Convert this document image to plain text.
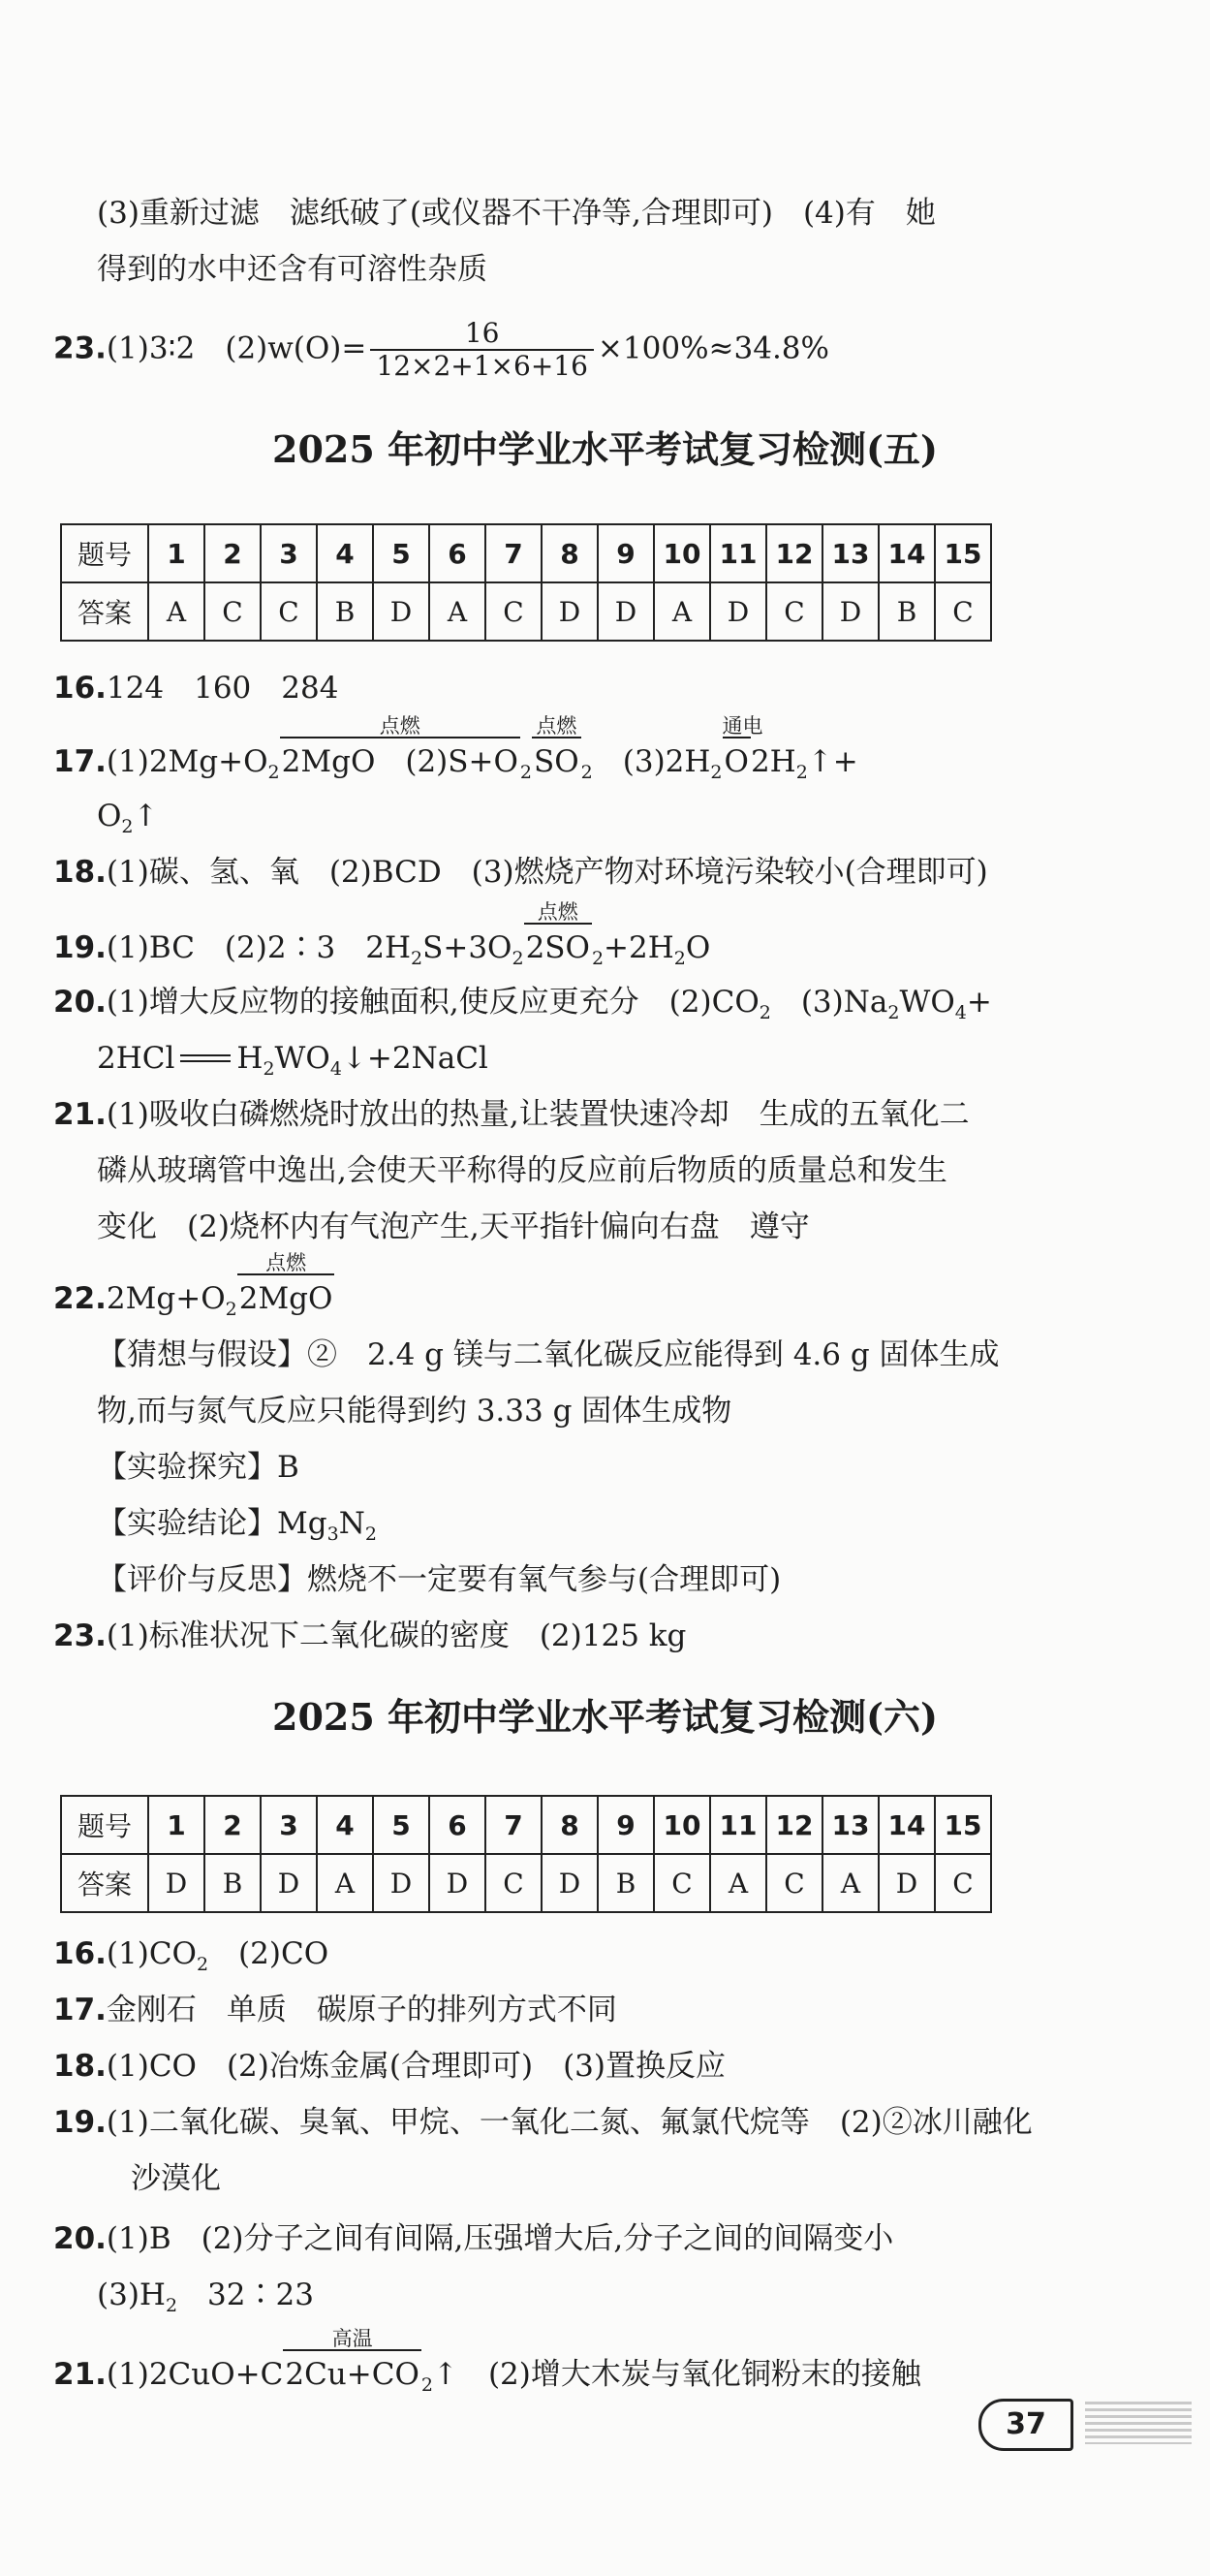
(3)重新过滤　滤纸破了(或仪器不干净等,合理即可)　(4)有　她
得到的水中还含有可溶性杂质
23.(1)3∶2　$(2)w(O)= \frac{16}{12\times 2+1\times 6+16} \times 100\%\approx 34.8\%$
2025 年初中学业水平考试复习检测(五)
题号	1	2	3	4	5	6	7	8	9	10	11	12	13	14	15
答案	A	C	C	B	D	A	C	D	D	A	D	C	D	B	C
16.124　160　284
$17.(1)2Mg+O_2$
点燃
2MgO　(2)S+O $_2$
点燃
SO $_2$　$(3)2H_2$
通电
$O2H_2↑+$
$O_2↑$
18.(1)碳、氢、氧　(2)BCD　(3)燃烧产物对环境污染较小(合理即可)
19.(1)BC　(2)2∶3　$2H_2S+3O_2$
点燃
2SO $_2+2H_2O$
20.(1)增大反应物的接触面积,使反应更充分　$(2)CO_2$　$(3)Na_2WO_4+$
2HCl $H_2WO_4↓+2NaCl$
21.(1)吸收白磷燃烧时放出的热量,让装置快速冷却　生成的五氧化二
磷从玻璃管中逸出,会使天平称得的反应前后物质的质量总和发生
变化　(2)烧杯内有气泡产生,天平指针偏向右盘　遵守
$22.2Mg+O_2$
点燃
2MgO
【猜想与假设】②　2.4 g 镁与二氧化碳反应能得到 4.6 g 固体生成
物,而与氮气反应只能得到约 3.33 g 固体生成物
【实验探究】B
【实验结论】$Mg_3N_2$
【评价与反思】燃烧不一定要有氧气参与(合理即可)
23.(1)标准状况下二氧化碳的密度　(2)125 kg
2025 年初中学业水平考试复习检测(六)
题号	1	2	3	4	5	6	7	8	9	10	11	12	13	14	15
答案	D	B	D	A	D	D	C	D	B	C	A	C	A	D	C
$16.(1)CO_2$　(2)CO
17.金刚石　单质　碳原子的排列方式不同
18.(1)CO　(2)冶炼金属(合理即可)　(3)置换反应
19.(1)二氧化碳、臭氧、甲烷、一氧化二氮、氟氯代烷等　(2)②冰川融化
沙漠化
20.(1)B　(2)分子之间有间隔,压强增大后,分子之间的间隔变小
$(3)H_2$　32∶23
21.(1)2CuO+C
高温
2Cu+CO $_2$↑　(2)增大木炭与氧化铜粉末的接触
37
